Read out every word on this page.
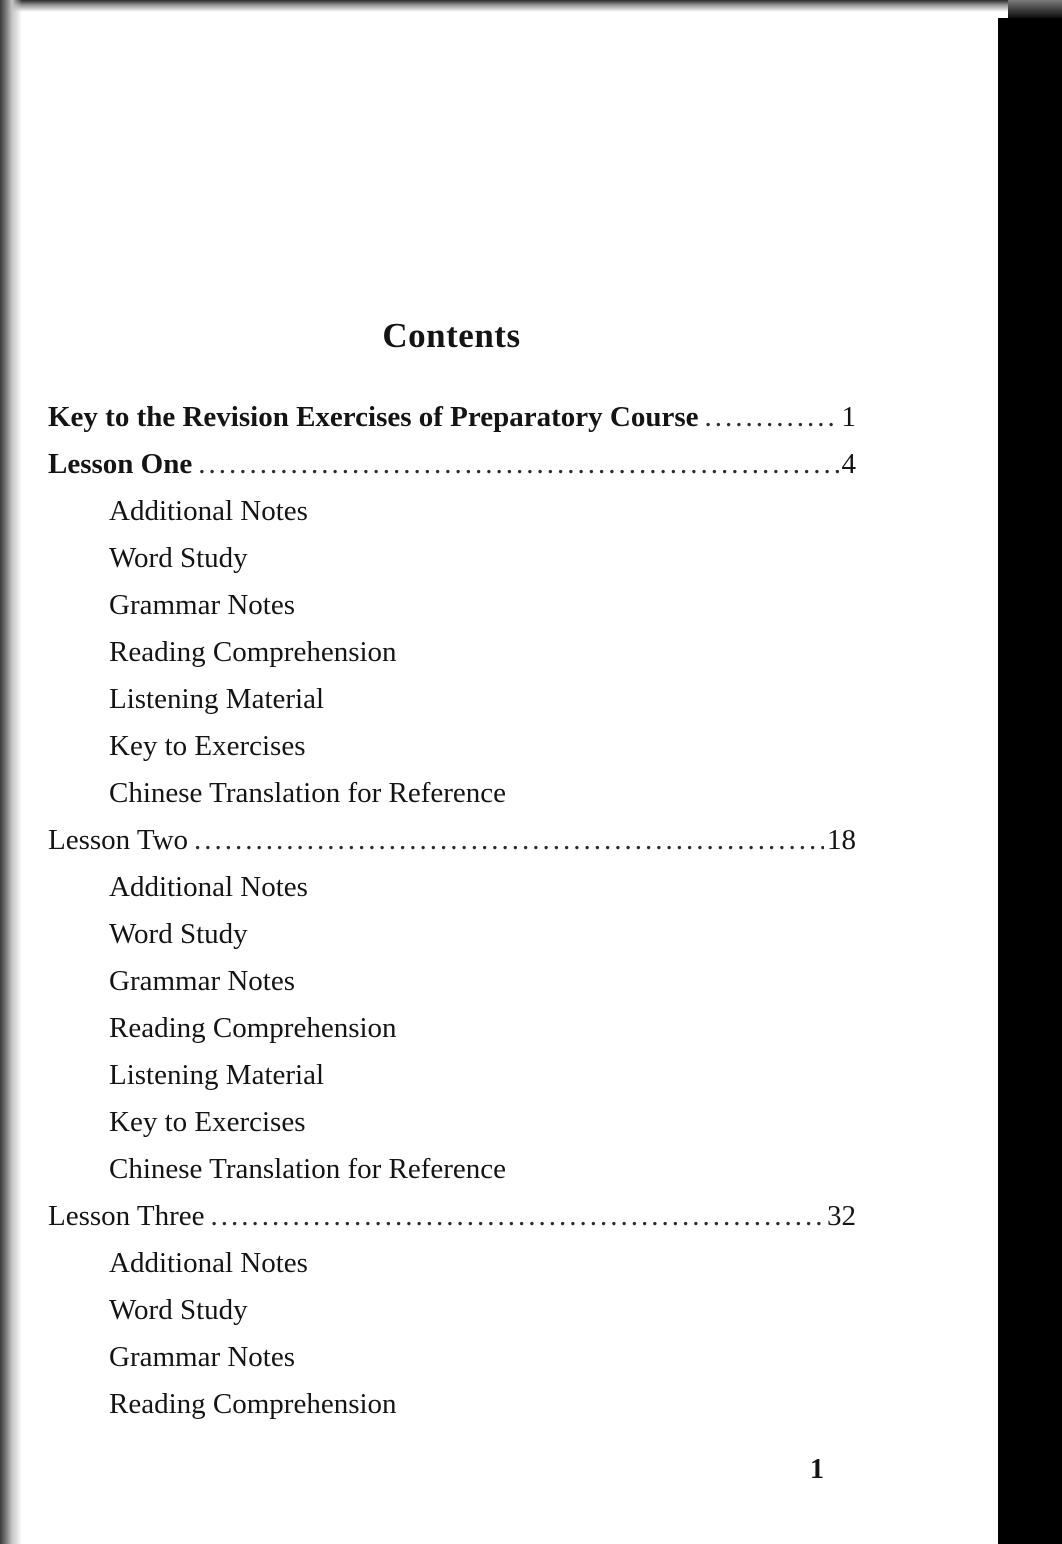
Contents
Key to the Revision Exercises of Preparatory Course .....	1
Lesson One .....	4
Additional Notes
Word Study
Grammar Notes
Reading Comprehension
Listening Material
Key to Exercises
Chinese Translation for Reference
Lesson Two .....	18
Additional Notes
Word Study
Grammar Notes
Reading Comprehension
Listening Material
Key to Exercises
Chinese Translation for Reference
Lesson Three .....	32
Additional Notes
Word Study
Grammar Notes
Reading Comprehension
1
